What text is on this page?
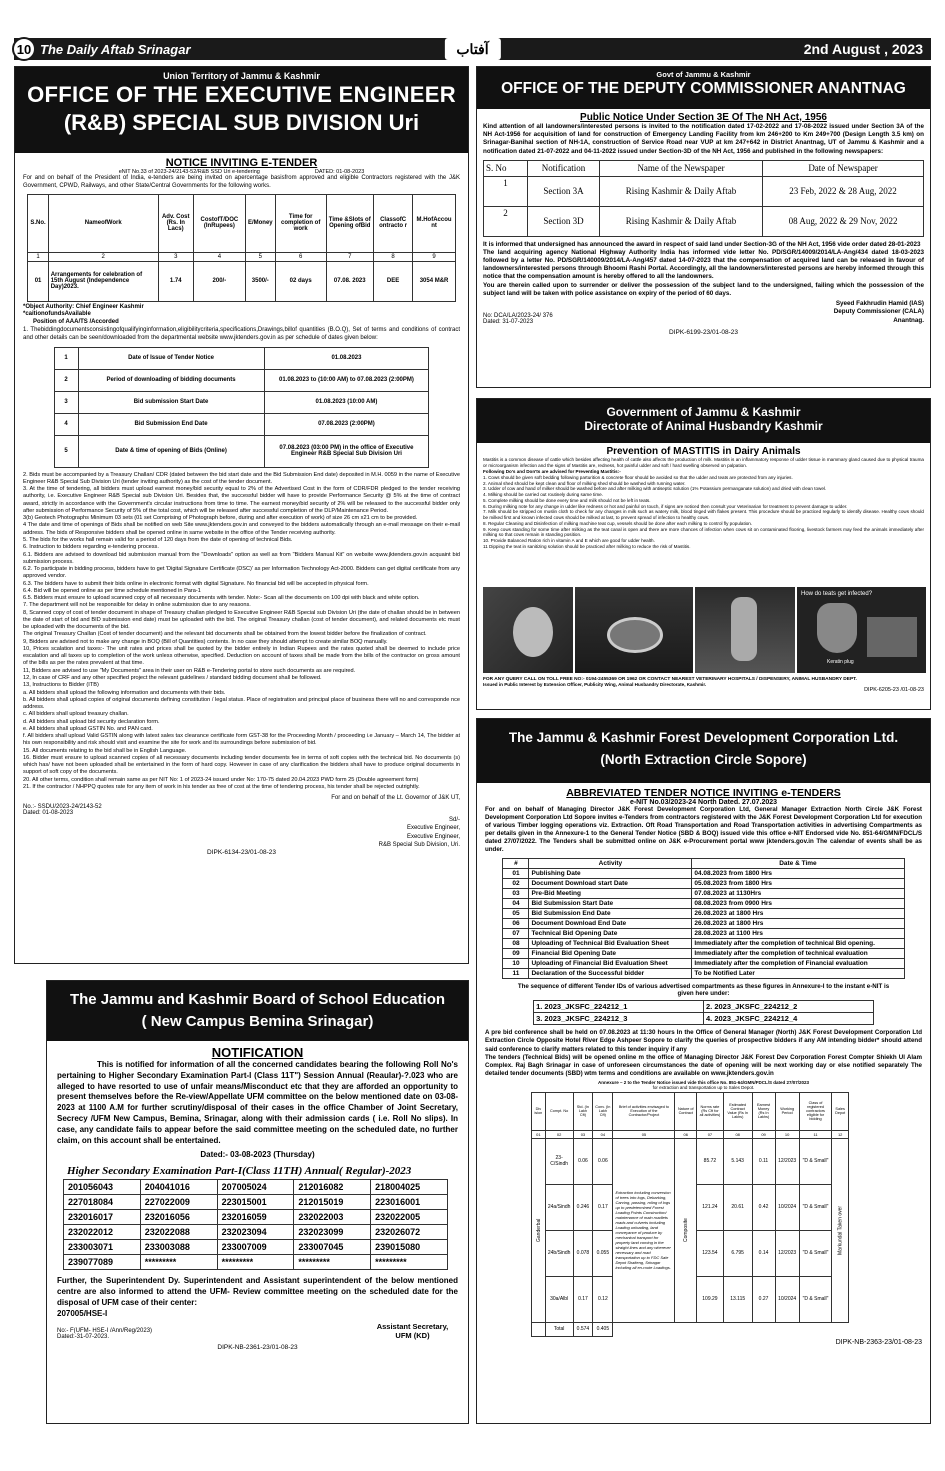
10 The Daily Aftab Srinagar	آفتاب	2nd August , 2023
Union Territory of Jammu & Kashmir
OFFICE OF THE EXECUTIVE ENGINEER
(R&B) SPECIAL SUB DIVISION Uri
NOTICE INVITING E-TENDER
eNIT No.33 of 2023-24/2143-52/R&B SSD Uri e-tendering                                    DATED: 01-08-2023
For and on behalf of the President of India, e-tenders are being invited on apercentage basisfrom approved and eligible Contractors registered with the J&K Government, CPWD, Railways, and other State/Central Governments for the following works.
S.No.	NameofWork	Adv. Cost (Rs. In Lacs)	CostofT/DOC (InRupees)	E/Money	Time for completion of work	Time &Slots of Opening ofBid	ClassofC ontracto r	M.HofAccou nt
1	2	3	4	5	6	7	8	9
01	Arrangements for celebration of 15th August (Independence Day)2023.	1.74	200/-	3500/-	02 days	07.08. 2023	DEE	3054 M&R
*Object Authority: Chief Engineer Kashmir
*caitionofundsAvailable
Position of AAA/TS /Accorded
1. Thebiddingdocumentsconsistingofqualifyinginformation,eligibilitycriteria,specifications,Drawings,billof quantities (B.O.Q), Set of terms and conditions of contract and other details can be seen/downloaded from the departmental website www.jktenders.gov.in as per schedule of dates given below:
1	Date of Issue of Tender Notice	01.08.2023
2	Period of downloading of bidding documents	01.08.2023 to (10:00 AM) to 07.08.2023 (2:00PM)
3	Bid submission Start Date	01.08.2023 (10:00 AM)
4	Bid Submission End Date	07.08.2023 (2:00PM)
5	Date & time of opening of Bids (Online)	07.08.2023 (03:00 PM) in the office of Executive Engineer R&B Special Sub Division Uri
2. Bids must be accompanied by a Treasury Challan/ CDR (dated between the bid start date and the Bid Submission End date) deposited in M.H. 0059 in the name of Executive Engineer R&B Special Sub Division Uri (tender inviting authority) as the cost of the tender document.
3. At the time of tendering, all bidders must upload earnest money/bid security equal to 2% of the Advertised Cost in the form of CDR/FDR pledged to the tender receiving authority, i.e. Executive Engineer R&B Special sub Division Uri. Besides that, the successful bidder will have to provide Performance Security @ 5% at the time of contract award, strictly in accordance with the Government's circular instructions from time to time. The earnest money/bid security of 2% will be released to the successful bidder only after submission of Performance Security of 5% of the total cost, which will be released after successful completion of the DLP/Maintenance Period.
3(b) Geotech Photographs Minimum 03 sets (01 set Comprising of Photograph before, during and after execution of work) of size 26 cm x21 cm to be provided.
4 The date and time of openings of Bids shall be notified on web Site www.jktenders.gov.in and conveyed to the bidders automatically through an e-mail message on their e-mail address. The bids of Responsive bidders shall be opened online in same website in the office of the Tender receiving authority.
5. The bids for the works hall remain valid for a period of 120 days from the date of opening of technical Bids.
6. Instruction to bidders regarding e-tendering process.
6.1. Bidders are advised to download bid submission manual from the "Downloads" option as well as from "Bidders Manual Kit" on website www.jktenders.gov.in acquaint bid submission process.
6.2. To participate in bidding process, bidders have to get 'Digital Signature Certificate (DSC)' as per Information Technology Act-2000. Bidders can get digital certificate from any approved vendor.
6.3. The bidders have to submit their bids online in electronic format with digital Signature. No financial bid will be accepted in physical form.
6.4. Bid will be opened online as per time schedule mentioned in Para-1
6.5. Bidders must ensure to upload scanned copy of all necessary documents with tender. Note:- Scan all the documents on 100 dpi with black and white option.
7. The department will not be responsible for delay in online submission due to any reasons.
8, Scanned copy of cost of tender document in shape of Treasury challan pledged to Executive Engineer R&B Special sub Division Uri (the date of challan should be in between the date of start of bid and BID submission end date) must be uploaded with the bid. The original Treasury challan (cost of tender document), and related documents etc must be uploaded with the documents of the bid.
The original Treasury Challan (Cost of tender document) and the relevant bid documents shall be obtained from the lowest bidder before the finalization of contract.
9, Bidders are advised not to make any change in BOQ (Bill of Quantities) contents. In no case they should attempt to create similar BOQ manually.
10, Prices scalation and taxes:- The unit rates and prices shall be quoted by the bidder entirely in Indian Rupees and the rates quoted shall be deemed to include price escalation and all taxes up to completion of the work unless otherwise, specified. Deduction on account of taxes shall be made from the bills of the contractor on gross amount of the bills as per the rates prevalent at that time.
11, Bidders are advised to use "My Documents" area in their user on R&B e-Tendering portal to store such documents as are required.
12, In case of CRF and any other specified project the relevant guidelines / standard bidding document shall be followed.
13, Instructions to Bidder (ITB)
a. All bidders shall upload the following information and documents with their bids.
b. All bidders shall upload copies of original documents defining constitution / legal status. Place of registration and principal place of business there will no and corresponde nce address.
c. All bidders shall upload treasury challan.
d. All bidders shall upload bid security declaration form.
e. All bidders shall upload GSTIN No. and PAN card.
f. All bidders shall upload Valid GSTIN along with latest sales tax clearance certificate form GST-38 for the Proceeding Month / proceeding i.e January – March 14, The bidder at his own responsibility and risk should visit and examine the site for work and its surroundings before submission of bid.
15. All documents relating to the bid shall be in English Language.
16. Bidder must ensure to upload scanned copies of all necessary documents including tender documents fee in terms of soft copies with the technical bid. No documents (s) which has/ have not been uploaded shall be entertained in the form of hard copy. However in case of any clarification the bidders shall have to produce original documents in support of soft copy of the documents.
20. All other terms, condition shall remain same as per NIT No: 1 of 2023-24 issued under No: 170-75 dated 20.04.2023 PWD form 25 (Double agreement form)
21. If the contractor / NHPPQ quotes rate for any item of work in his tender as free of cost at the time of tendering process, his tender shall be rejected outrightly.
For and on behalf of the Lt. Governor of J&K UT,
No.:- SSDU/2023-24/2143-52
Dated: 01-08-2023
Sd/-
Executive Engineer,
Executive Engineer,
R&B Special Sub Division, Uri.
DIPK-6134-23/01-08-23
Govt of Jammu & Kashmir
OFFICE OF THE DEPUTY COMMISSIONER ANANTNAG
Public Notice Under Section 3E Of The NH Act, 1956
Kind attention of all landowners/interested persons is invited to the notification dated 17-02-2022 and 17-08-2022 issued under Section 3A of the NH Act-1956 for acquisition of land for construction of Emergency Landing Facility from km 246+200 to Km 249+700 (Design Length 3.5 km) on Srinagar-Banihal section of NH-1A, construction of Service Road near VUP at km 247+642 in District Anantnag, UT of Jammu & Kashmir and a notification dated 21-07-2022 and 04-11-2022 issued under Section-3D of the NH Act, 1956 and published in the following newspapers:
S. No	Notification	Name of the Newspaper	Date of Newspaper
1	Section 3A	Rising Kashmir & Daily Aftab	23 Feb, 2022 & 28 Aug, 2022
2	Section 3D	Rising Kashmir & Daily Aftab	08 Aug, 2022 & 29 Nov, 2022
It is informed that undersigned has announced the award in respect of said land under Section-3G of the NH Act, 1956 vide order dated 28-01-2023
The land acquiring agency National Highway Authority India has informed vide letter No. PD/SGR/14009/2014/LA-Ang/434 dated 18-03-2023 followed by a letter No. PD/SGR/140009/2014/LA-Ang/457 dated 14-07-2023 that the compensation of acquired land can be released in favour of landowners/interested persons through Bhoomi Rashi Portal. Accordingly, all the landowners/interested persons are hereby informed through this notice that the compensation amount is hereby offered to all the landowners.
You are therein called upon to surrender or deliver the possession of the subject land to the undersigned, failing which the possession of the subject land will be taken with police assistance on expiry of the period of 60 days.
Syeed Fakhrudin Hamid (IAS)
Deputy Commissioner (CALA)
Anantnag.
No: DCA/LA/2023-24/ 376
Dated: 31-07-2023
DIPK-6199-23/01-08-23
Government of Jammu & Kashmir
Directorate of Animal Husbandry Kashmir
Prevention of MASTITIS in Dairy Animals
Mastitis is a common disease of cattle which besides affecting health of cattle also affects the production of milk. Mastitis is an inflammatory response of udder tissue in mammary gland caused due to physical trauma or microorganism infection and the signs of Mastitis are, redness, hot painful udder and soft / hard swelling observed on palpation.
Following Do's and Don'ts are advised for Preventing Mastitis:-
1. Cows should be given soft bedding following parturition & concrete floor should be avoided so that the udder and teats are protected from any injuries.
2. Animal shed should be kept clean and floor of milking shed should be washed with running water.
3. Udder of cow and hand of milker should be washed before and after milking with antiseptic solution (1% Potassium permanganate solution) and dried with clean towel.
4. Milking should be carried out routinely during same time.
5. Complete milking should be done every time and milk should not be left in teats.
6. During milking note for any change in udder like redness or hot and painful on touch, if signs are noticed then consult your Veterinarian for treatment to prevent damage to udder.
7. Milk should be stripped on muslin cloth to check for any changes in milk such as watery milk, blood tinged with flakes present. This procedure should be practiced regularly to identify disease. Healthy cows should be milked first and known infected cows should be milked at last, to prevent spread of infection to healthy cows.
8. Regular Cleaning and Disinfection of milking machine teat cup, vessels should be done after each milking to control fly population.
9. Keep cows standing for some time after milking as the teat canal is open and there are more chances of infection when cows sit on contaminated flooring, livestock farmers may feed the animals immediately after milking so that cows remain in standing position.
10. Provide Balanced Ration rich in vitamin A and E which are good for udder health.
11 Dipping the teat in sanitizing solution should be practiced after milking to reduce the risk of Mastitis.
How do teats get infected?
Keratin plug
FOR ANY QUERY CALL ON TOLL FREE NO:- 0194-2455369 OR 1962 OR CONTACT NEAREST VETERINARY HOSPITALS / DISPENSERY, ANIMAL HUSBANDRY DEPT.
Issued in Public Interest by Extension Officer, Publicity Wing, Animal Husbandry Directorate, Kashmir.
DIPK-6205-23 /01-08-23
The Jammu & Kashmir Forest Development Corporation Ltd.
(North Extraction Circle Sopore)
ABBREVIATED TENDER NOTICE INVITING e-TENDERS
e-NIT No.03/2023-24 North Dated. 27.07.2023
For and on behalf of Managing Director J&K Forest Development Corporation Ltd, General Manager Extraction North Circle J&K Forest Development Corporation Ltd Sopore invites e-Tenders from contractors registered with the J&K Forest Development Corporation Ltd for execution of various Timber logging operations viz. Extraction. Oft Road Transportation and Road Transportation activities in advertising Compartments as per details given in the Annexure-1 to the General Tender Notice (SBD & BOQ) issued vide this office e-NIT Endorsed vide No. 851-64/GMN/FDCL/S dated 27/07/2022. The Tenders shall be submitted online on J&K e-Procurement portal www jktenders.gov.in The calendar of events shall be as under.
#	Activity	Date & Time
01	Publishing Date	04.08.2023 from 1800 Hrs
02	Document Download start Date	05.08.2023 from 1800 Hrs
03	Pre-Bid Meeting	07.08.2023 at 1130Hrs
04	Bid Submission Start Date	08.08.2023 from 0900 Hrs
05	Bid Submission End Date	26.08.2023 at 1800 Hrs
06	Document Download End Date	26.08.2023 at 1800 Hrs
07	Technical Bid Opening Date	28.08.2023 at 1100 Hrs
08	Uploading of Technical Bid Evaluation Sheet	Immediately after the completion of technical Bid opening.
09	Financial Bid Opening Date	Immediately after the completion of technical evaluation
10	Uploading of Financial Bid Evaluation Sheet	Immediately after the completion of Financial evaluation
11	Declaration of the Successful bidder	To be Notified Later
The sequence of different Tender IDs of various advertised compartments as these figures in Annexure-I to the instant e-NIT is given here under:
1. 2023_JKSFC_224212_1	2. 2023_JKSFC_224212_2
3. 2023_JKSFC_224212_3	4. 2023_JKSFC_224212_4
A pre bid conference shall be held on 07.08.2023 at 11:30 hours In the Office of General Manager (North) J&K Forest Development Corporation Ltd Extraction Circle Opposite Hotel River Edge Ashpeer Sopore to clarify the queries of prospective bidders if any AM intending bidder* should attend said conference to clarify matters related to this tender inquiry if any
The tenders (Technical Bids) will be opened online m the office of Managing Director J&K Forest Dev Corporation Forest Compter Shiekh Ul Alam Complex. Raj Bagh Srinagar in case of unforeseen circumstances the date of opening will be next working day or else notified separately The detailed tender documents (SBD) wtm terms and conditions are available on www.jktenders.gov.in
Annexure – 2 to the Tender Notice issued vide this office No. 851-64/GMN/FDCL/S dated 27/07/2023
for extraction and transportation up to Sales Depot.
Div ision	Compt. No	Std. (In Lakh Cft)	Conv. (In Lakh Cft)	Brief of activities envisaged to Execution of the Contractor/Project	Nature of Contract	Norms rate (Rs Cft for all activities)	Estimated Contract Value (Rs In Lakhs)	Earnest Money (Rs In Lakhs)	Working Period	Class of registered contractors eligible for bidding	Sales Depot
01	02	03	04	05	06	07	08	09	10	11	12
Ganderbal	23-C/Sindh	0.06	0.06	Extraction including conversion of trees into logs, Debarking, Carving, passing, roling of logs up to predetermined Forest Loading Points Construction/ maintenance of main roadlets roads and culverts including Loading unloading, land conveyance of produce by mechanical transport for property land coming in the straight lines and any wherever necessary and road transportation up to FDC Sale Depot Shalteng, Srinagar including all en-route Loadings.	Composite	85.72	5.143	0.11	12/2023	"D & Small"	Markundal Taken over
	24a/Sindh	0.246	0.17			121.24	20.61	0.42	10/2024	"D & Small"	
	24b/Sindh	0.078	0.055			123.54	6.795	0.14	12/2023	"D & Small"	
	30a/Albl	0.17	0.12			109.29	13.115	0.27	10/2024	"D & Small"	
	Total	0.574	0.405								
DIPK-NB-2363-23/01-08-23
The Jammu and Kashmir Board of School Education
( New Campus Bemina Srinagar)
NOTIFICATION
This is notified for information of all the concerned candidates bearing the following Roll No's pertaining to Higher Secondary Examination Part-I (Class 11T") Session Annual (Reaular)-?.023 who are alleged to have resorted to use of unfair means/Misconduct etc that they are afforded an opportunity to present themselves before the Re-view/Appellate UFM committee on the below mentioned date on 03-08-2023 at 1100 A.M for further scrutiny/disposal of their cases in the office Chamber of Joint Secretary, Secrecy /UFM New Campus, Bemina, Srinagar, along with their admission cards ( i.e. Roll No slips). In case, any candidate fails to appear before the said committee meeting on the scheduled date, no further claim, on this account shall be entertained.
Dated:- 03-08-2023 (Thursday)
Higher Secondary Examination Part-I(Class 11TH) Annual( Regular)-2023
201056043	204041016	207005024	212016082	218004025
227018084	227022009	223015001	212015019	223016001
232016017	232016056	232016059	232022003	232022005
232022012	232022088	232023094	232023099	232026072
233003071	233003088	233007009	233007045	239015080
239077089	*********	*********	*********	*********
Further, the Superintendent Dy. Superintendent and Assistant superintendent of the below mentioned centre are also informed to attend the UFM- Review committee meeting on the scheduled date for the disposal of UFM case of their center:
207005/HSE-I
No:- F(UFM- HSE-I /Ann/Reg/2023)
Dated:-31-07-2023.
Assistant Secretary,
UFM (KD)
DIPK-NB-2361-23/01-08-23
